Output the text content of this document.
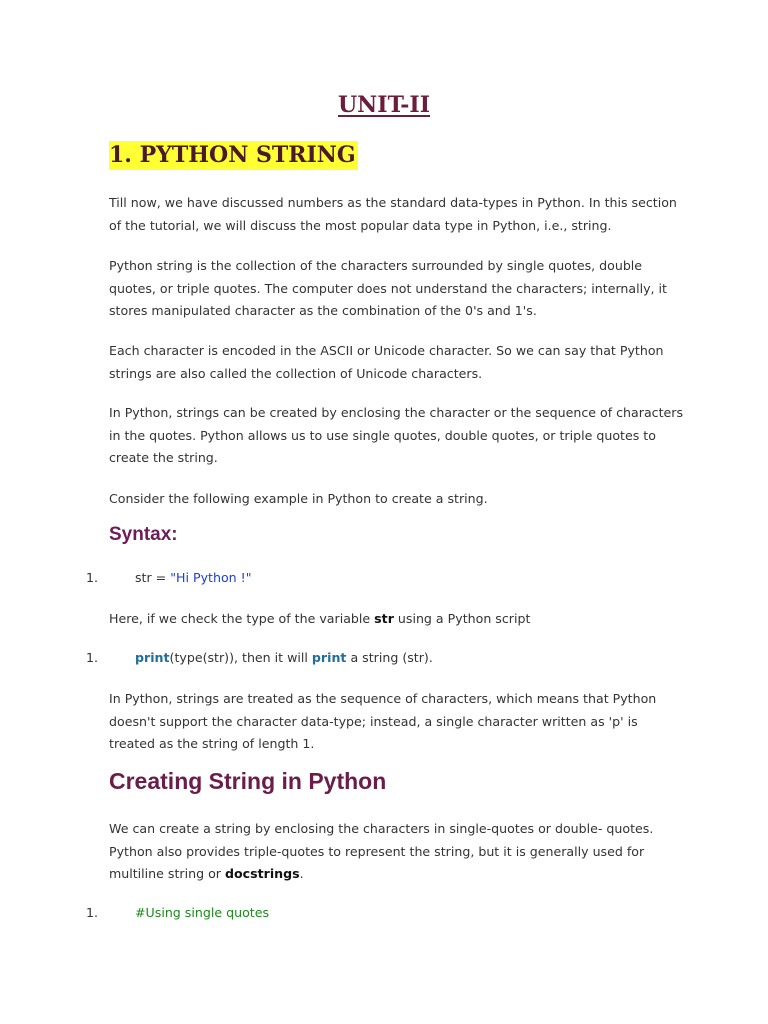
UNIT-II
1. PYTHON STRING

Till now, we have discussed numbers as the standard data-types in Python. In this section of the tutorial, we will discuss the most popular data type in Python, i.e., string.

Python string is the collection of the characters surrounded by single quotes, double quotes, or triple quotes. The computer does not understand the characters; internally, it stores manipulated character as the combination of the 0's and 1's.

Each character is encoded in the ASCII or Unicode character. So we can say that Python strings are also called the collection of Unicode characters.

In Python, strings can be created by enclosing the character or the sequence of characters in the quotes. Python allows us to use single quotes, double quotes, or triple quotes to create the string.

Consider the following example in Python to create a string.

Syntax:
1.	str = "Hi Python !"

Here, if we check the type of the variable str using a Python script

1.	print(type(str)), then it will print a string (str).

In Python, strings are treated as the sequence of characters, which means that Python doesn't support the character data-type; instead, a single character written as 'p' is treated as the string of length 1.

Creating String in Python

We can create a string by enclosing the characters in single-quotes or double- quotes. Python also provides triple-quotes to represent the string, but it is generally used for multiline string or docstrings.

1.	#Using single quotes
